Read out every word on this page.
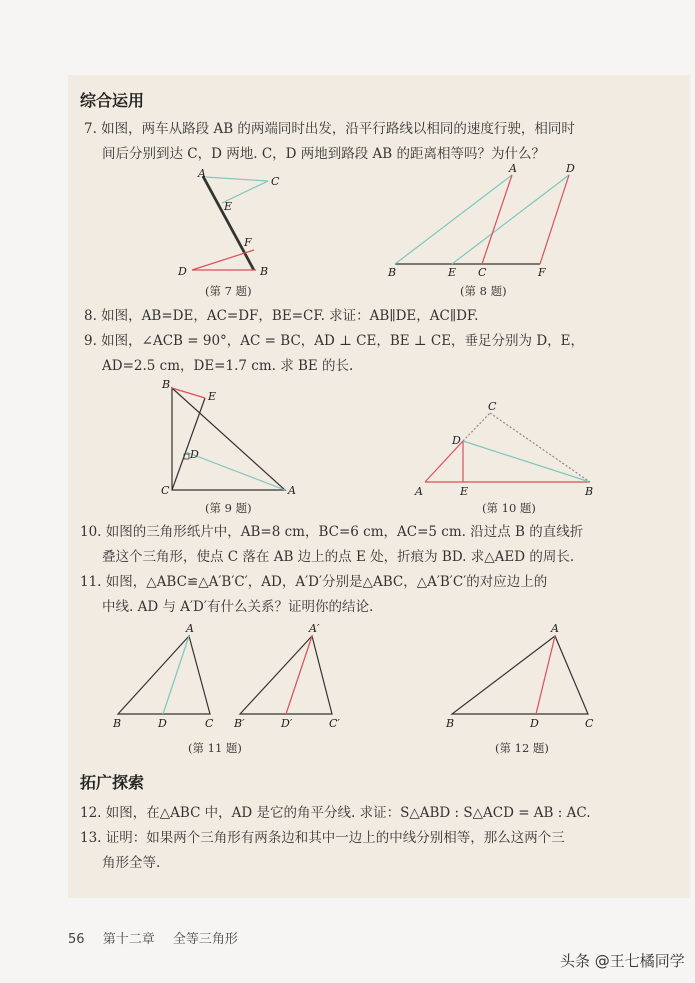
综合运用
7. 如图，两车从路段 AB 的两端同时出发，沿平行路线以相同的速度行驶，相同时
间后分别到达 C，D 两地. C，D 两地到路段 AB 的距离相等吗？为什么？
8. 如图，AB=DE，AC=DF，BE=CF. 求证：AB∥DE，AC∥DF.
9. 如图，∠ACB = 90°，AC = BC，AD ⊥ CE，BE ⊥ CE，垂足分别为 D，E，
AD=2.5 cm，DE=1.7 cm. 求 BE 的长.
10. 如图的三角形纸片中，AB=8 cm，BC=6 cm，AC=5 cm. 沿过点 B 的直线折
叠这个三角形，使点 C 落在 AB 边上的点 E 处，折痕为 BD. 求△AED 的周长.
11. 如图，△ABC≌△A′B′C′，AD，A′D′分别是△ABC，△A′B′C′的对应边上的
中线. AD 与 A′D′有什么关系？证明你的结论.
拓广探索
12. 如图，在△ABC 中，AD 是它的角平分线. 求证：S△ABD : S△ACD = AB : AC.
13. 证明：如果两个三角形有两条边和其中一边上的中线分别相等，那么这两个三
角形全等.
(第 7 题)	(第 8 题)
(第 9 题)	(第 10 题)
(第 11 题)	(第 12 题)
A
C
E
F
D	B
A	D
B	E C	F
B
E
D
C	A
C
D
A	E	B
A
B	D	C
A′
B′	D′	C′
A
B	D	C
56 第十二章 全等三角形
头条 @王七橘同学
